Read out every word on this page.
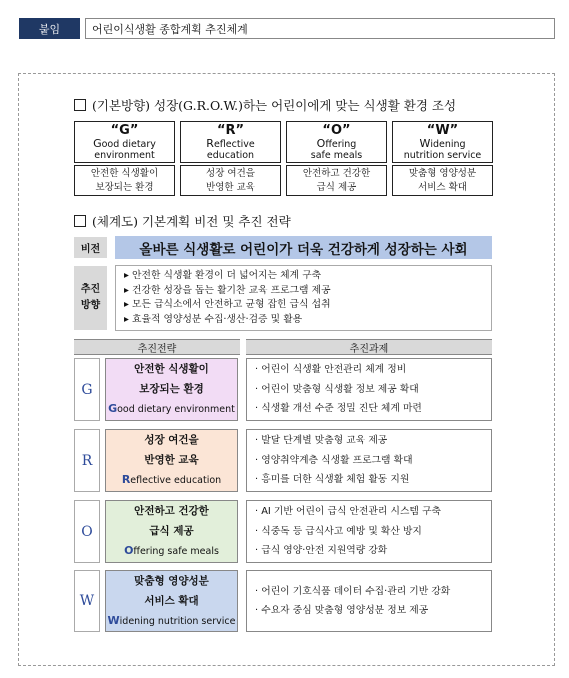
붙임	어린이식생활 종합계획 추진체계
(기본방향) 성장(G.R.O.W.)하는 어린이에게 맞는 식생활 환경 조성
“G”
Good dietary
environment
안전한 식생활이
보장되는 환경
“R”
Reflective
education
성장 여건을
반영한 교육
“O”
Offering
safe meals
안전하고 건강한
급식 제공
“W”
Widening
nutrition service
맞춤형 영양성분
서비스 확대
(체계도) 기본계획 비전 및 추진 전략
비전	올바른 식생활로 어린이가 더욱 건강하게 성장하는 사회
추진
방향
▸ 안전한 식생활 환경이 더 넓어지는 체계 구축
▸ 건강한 성장을 돕는 활기찬 교육 프로그램 제공
▸ 모든 급식소에서 안전하고 균형 잡힌 급식 섭취
▸ 효율적 영양성분 수집·생산·검증 및 활용
추진전략	추진과제
G
안전한 식생활이
보장되는 환경
Good dietary environment
· 어린이 식생활 안전관리 체계 정비
· 어린이 맞춤형 식생활 정보 제공 확대
· 식생활 개선 수준 정밀 진단 체계 마련
R
성장 여건을
반영한 교육
Reflective education
· 발달 단계별 맞춤형 교육 제공
· 영양취약계층 식생활 프로그램 확대
· 흥미를 더한 식생활 체험 활동 지원
O
안전하고 건강한
급식 제공
Offering safe meals
· AI 기반 어린이 급식 안전관리 시스템 구축
· 식중독 등 급식사고 예방 및 확산 방지
· 급식 영양·안전 지원역량 강화
W
맞춤형 영양성분
서비스 확대
Widening nutrition service
· 어린이 기호식품 데이터 수집·관리 기반 강화
· 수요자 중심 맞춤형 영양성분 정보 제공
